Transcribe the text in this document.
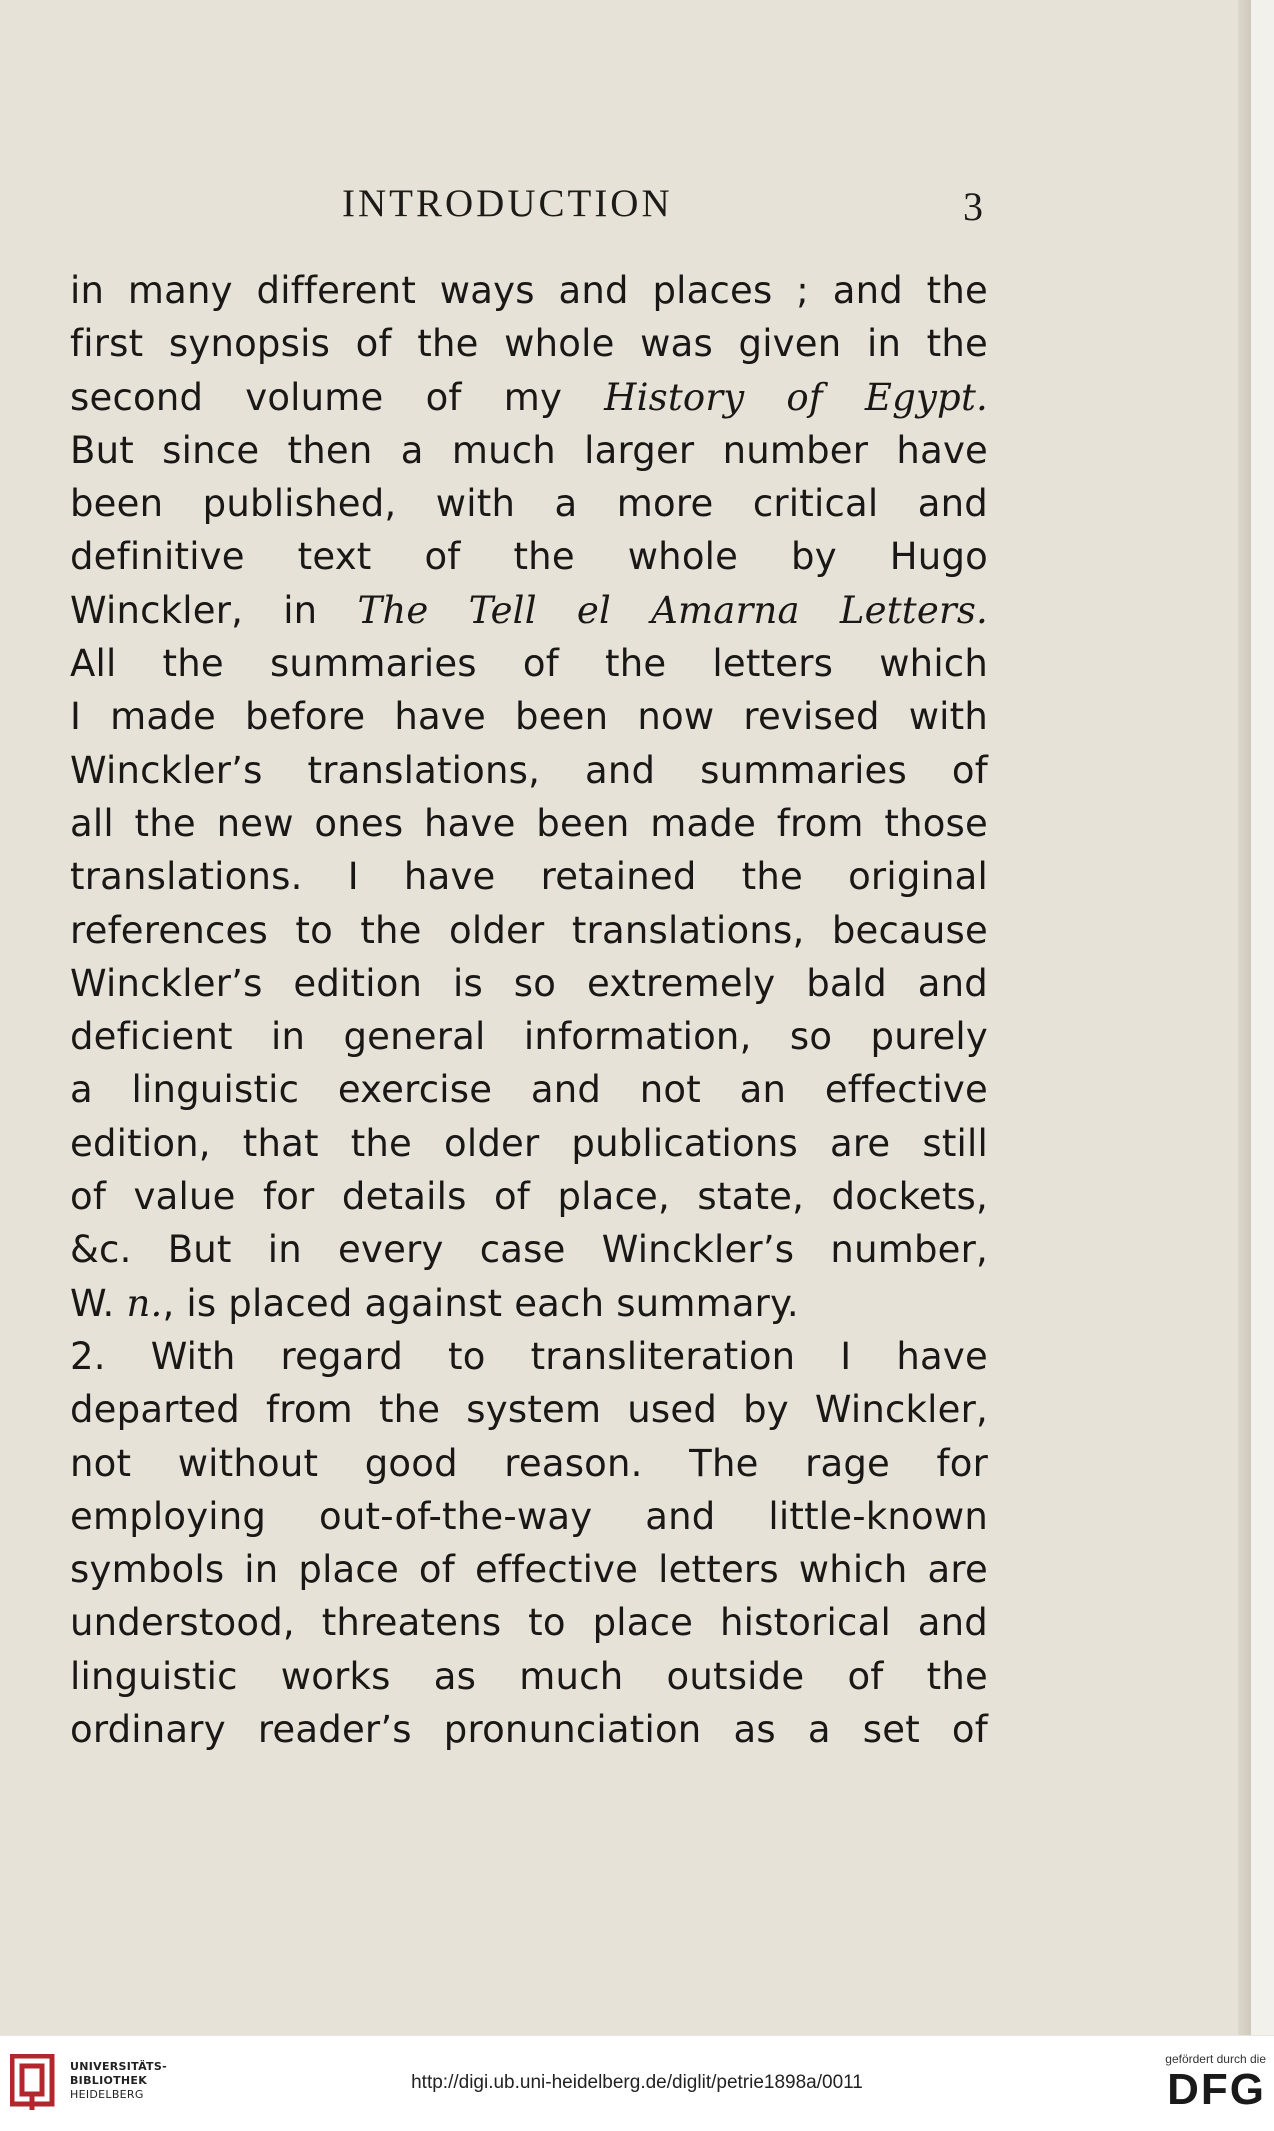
INTRODUCTION	3
in many different ways and places ; and the
first synopsis of the whole was given in the
second volume of my History of Egypt.
But since then a much larger number have
been published, with a more critical and
definitive text of the whole by Hugo
Winckler, in The Tell el Amarna Letters.
All the summaries of the letters which
I made before have been now revised with
Winckler’s translations, and summaries of
all the new ones have been made from those
translations. I have retained the original
references to the older translations, because
Winckler’s edition is so extremely bald and
deficient in general information, so purely
a linguistic exercise and not an effective
edition, that the older publications are still
of value for details of place, state, dockets,
&c. But in every case Winckler’s number,
W. n., is placed against each summary.
2. With regard to transliteration I have
departed from the system used by Winckler,
not without good reason. The rage for
employing out-of-the-way and little-known
symbols in place of effective letters which are
understood, threatens to place historical and
linguistic works as much outside of the
ordinary reader’s pronunciation as a set of
UNIVERSITÄTS-
BIBLIOTHEK
HEIDELBERG
http://digi.ub.uni-heidelberg.de/diglit/petrie1898a/0011
gefördert durch die
DFG
